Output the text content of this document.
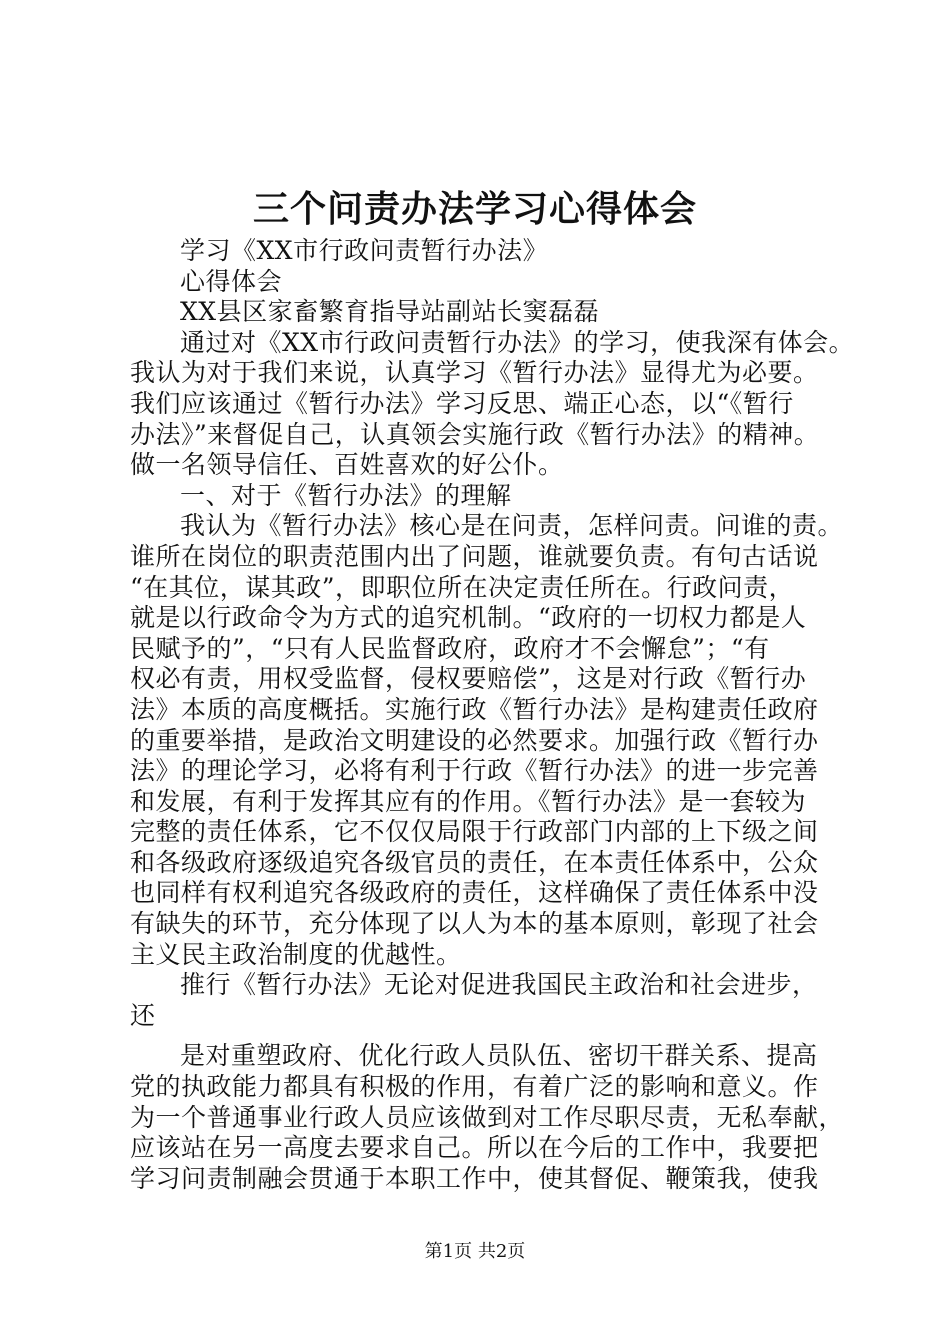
三个问责办法学习心得体会
学习《XX市行政问责暂行办法》
心得体会
XX县区家畜繁育指导站副站长窦磊磊
通过对《XX市行政问责暂行办法》的学习，使我深有体会。
我认为对于我们来说，认真学习《暂行办法》显得尤为必要。
我们应该通过《暂行办法》学习反思、端正心态，以“《暂行
办法》”来督促自己，认真领会实施行政《暂行办法》的精神。
做一名领导信任、百姓喜欢的好公仆。
一、对于《暂行办法》的理解
我认为《暂行办法》核心是在问责，怎样问责。问谁的责。
谁所在岗位的职责范围内出了问题，谁就要负责。有句古话说
“在其位，谋其政”，即职位所在决定责任所在。行政问责，
就是以行政命令为方式的追究机制。“政府的一切权力都是人
民赋予的”，“只有人民监督政府，政府才不会懈怠”；“有
权必有责，用权受监督，侵权要赔偿”，这是对行政《暂行办
法》本质的高度概括。实施行政《暂行办法》是构建责任政府
的重要举措，是政治文明建设的必然要求。加强行政《暂行办
法》的理论学习，必将有利于行政《暂行办法》的进一步完善
和发展，有利于发挥其应有的作用。《暂行办法》是一套较为
完整的责任体系，它不仅仅局限于行政部门内部的上下级之间
和各级政府逐级追究各级官员的责任，在本责任体系中，公众
也同样有权利追究各级政府的责任，这样确保了责任体系中没
有缺失的环节，充分体现了以人为本的基本原则，彰现了社会
主义民主政治制度的优越性。
推行《暂行办法》无论对促进我国民主政治和社会进步，
还
是对重塑政府、优化行政人员队伍、密切干群关系、提高
党的执政能力都具有积极的作用，有着广泛的影响和意义。作
为一个普通事业行政人员应该做到对工作尽职尽责，无私奉献，
应该站在另一高度去要求自己。所以在今后的工作中，我要把
学习问责制融会贯通于本职工作中，使其督促、鞭策我，使我
第1页 共2页
